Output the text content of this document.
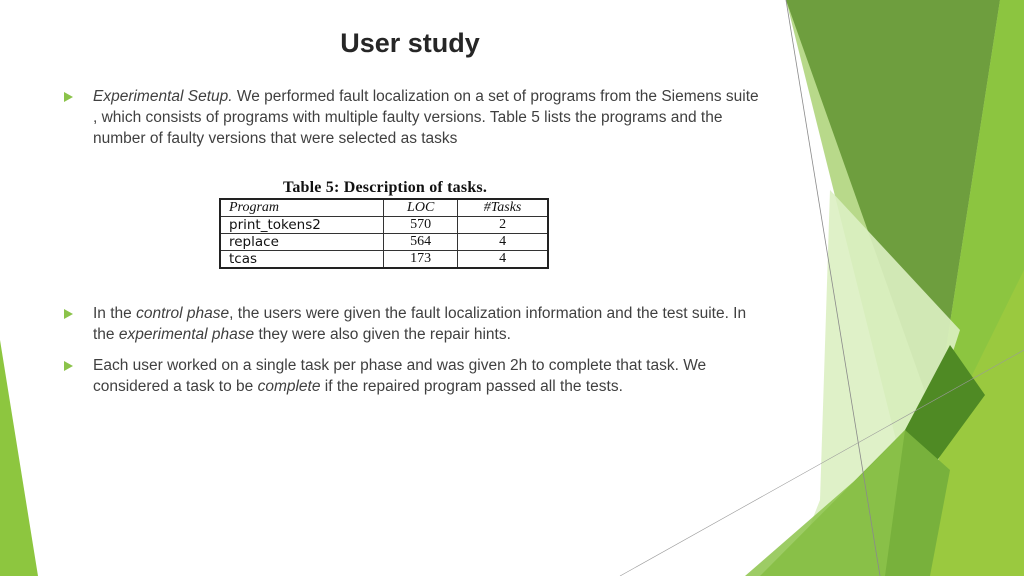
User study
Experimental Setup. We performed fault localization on a set of programs from the Siemens suite , which consists of programs with multiple faulty versions. Table 5 lists the programs and the number of faulty versions that were selected as tasks
Table 5: Description of tasks.
Program	LOC	#Tasks
print_tokens2	570	2
replace	564	4
tcas	173	4
In the control phase, the users were given the fault localization information and the test suite. In the experimental phase they were also given the repair hints.
Each user worked on a single task per phase and was given 2h to complete that task. We considered a task to be complete if the repaired program passed all the tests.
